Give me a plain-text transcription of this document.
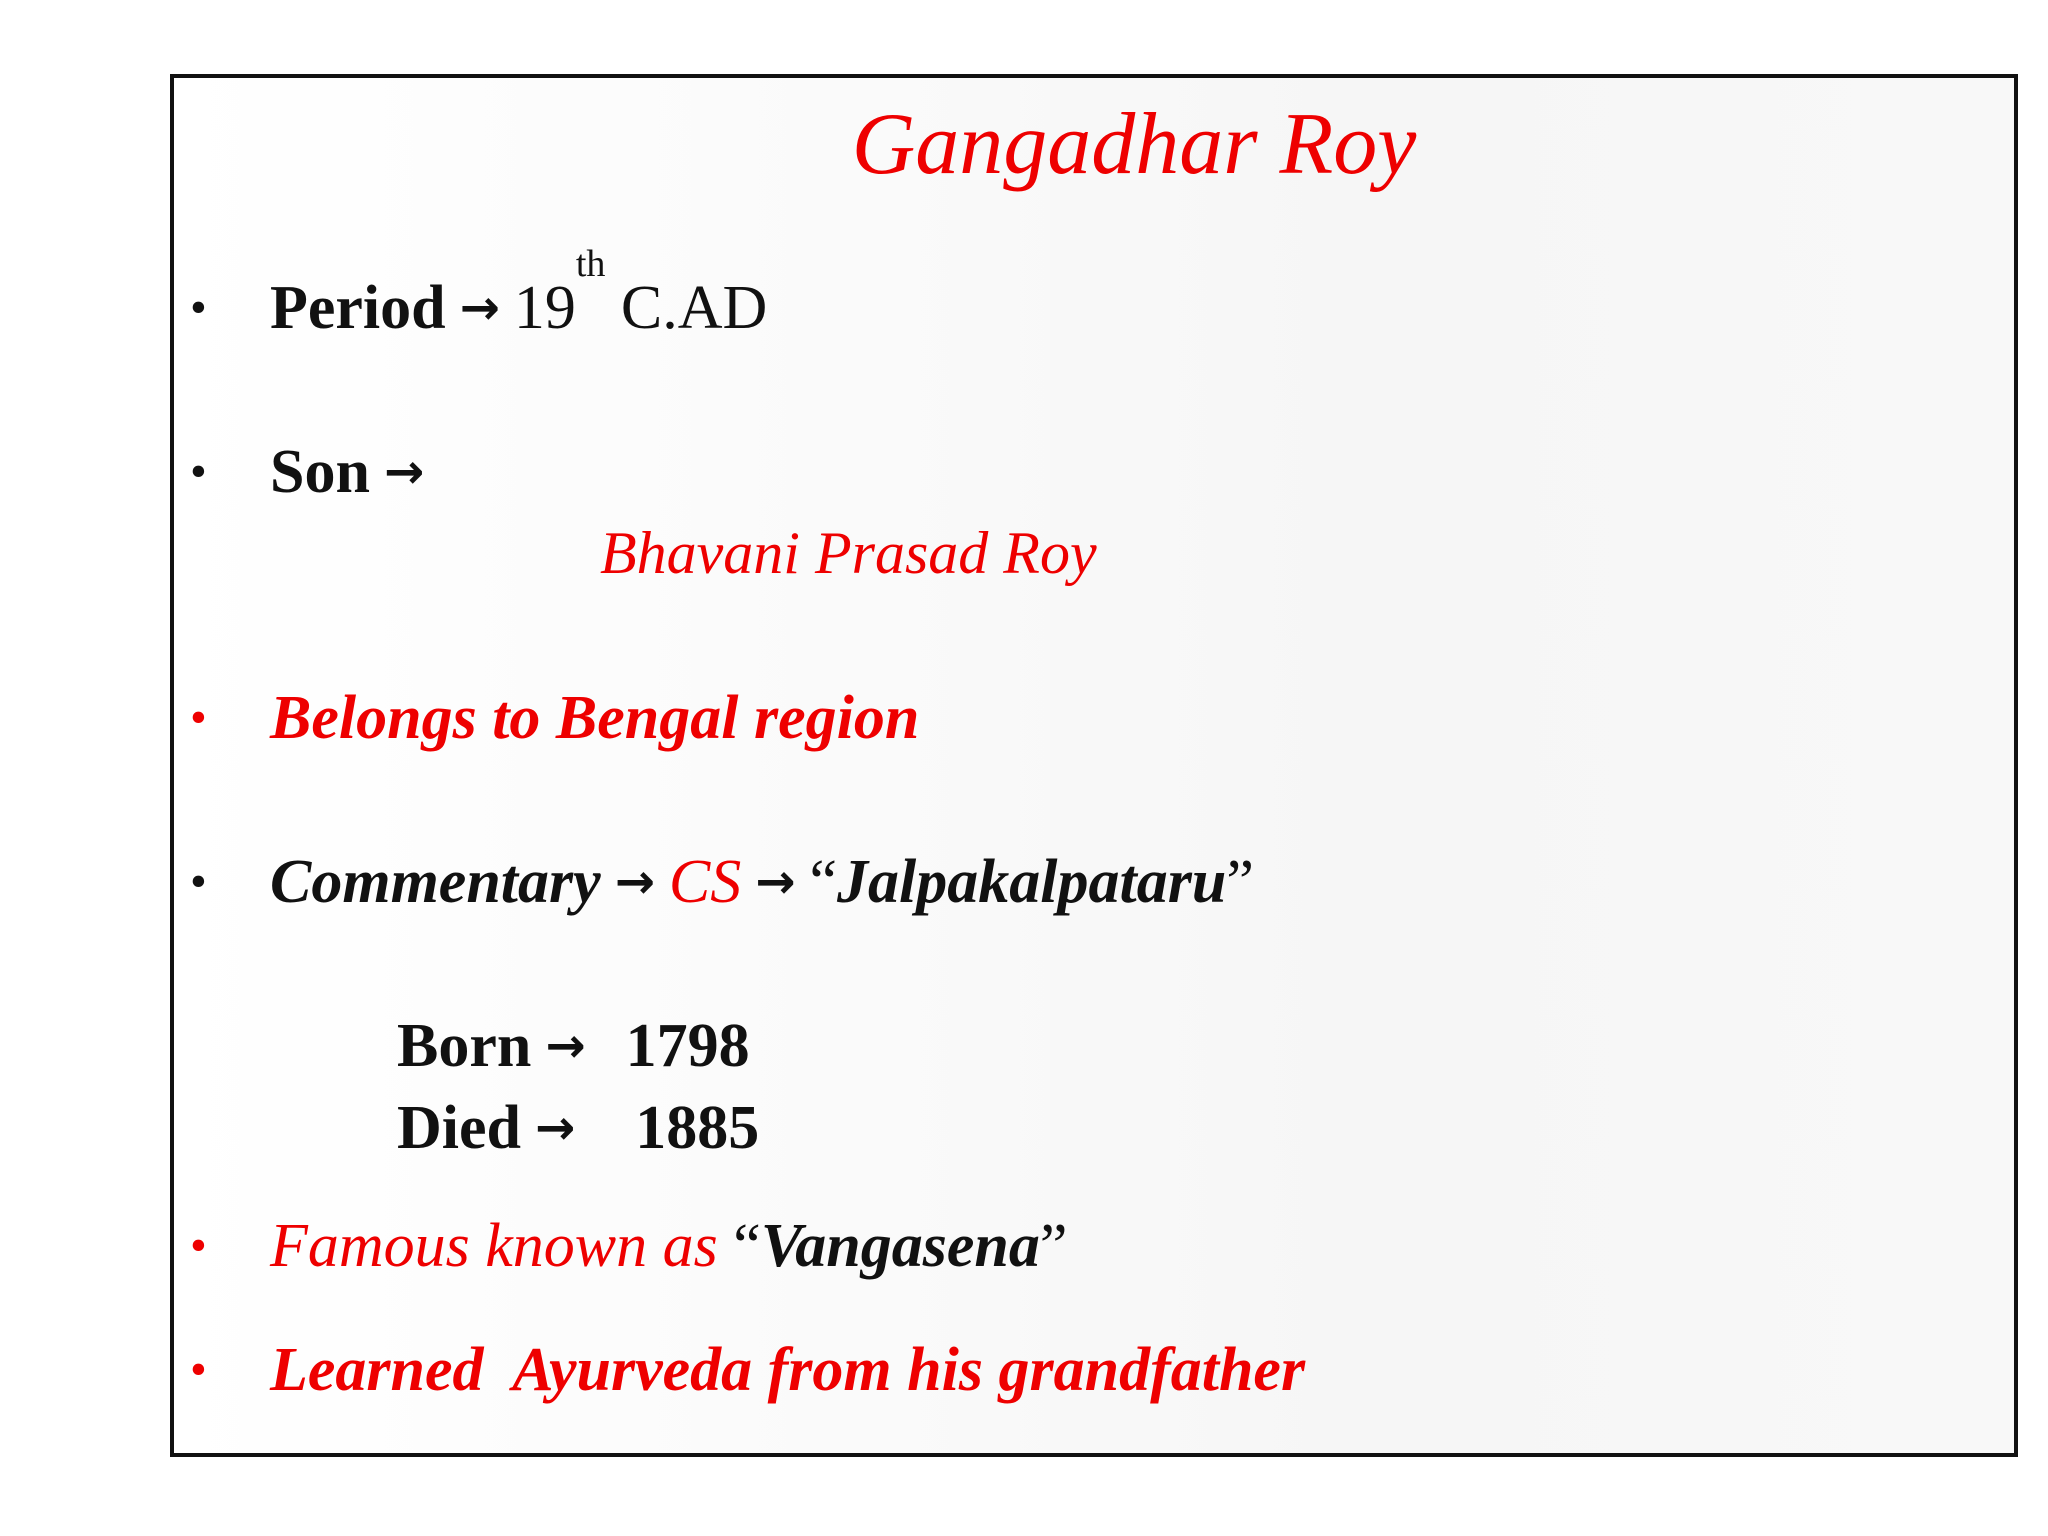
Gangadhar Roy
• Period → 19th C.AD
• Son →
Bhavani Prasad Roy
• Belongs to Bengal region
• Commentary → CS → “Jalpakalpataru”
Born → 1798
Died → 1885
• Famous known as “Vangasena”
• Learned  Ayurveda from his grandfather
